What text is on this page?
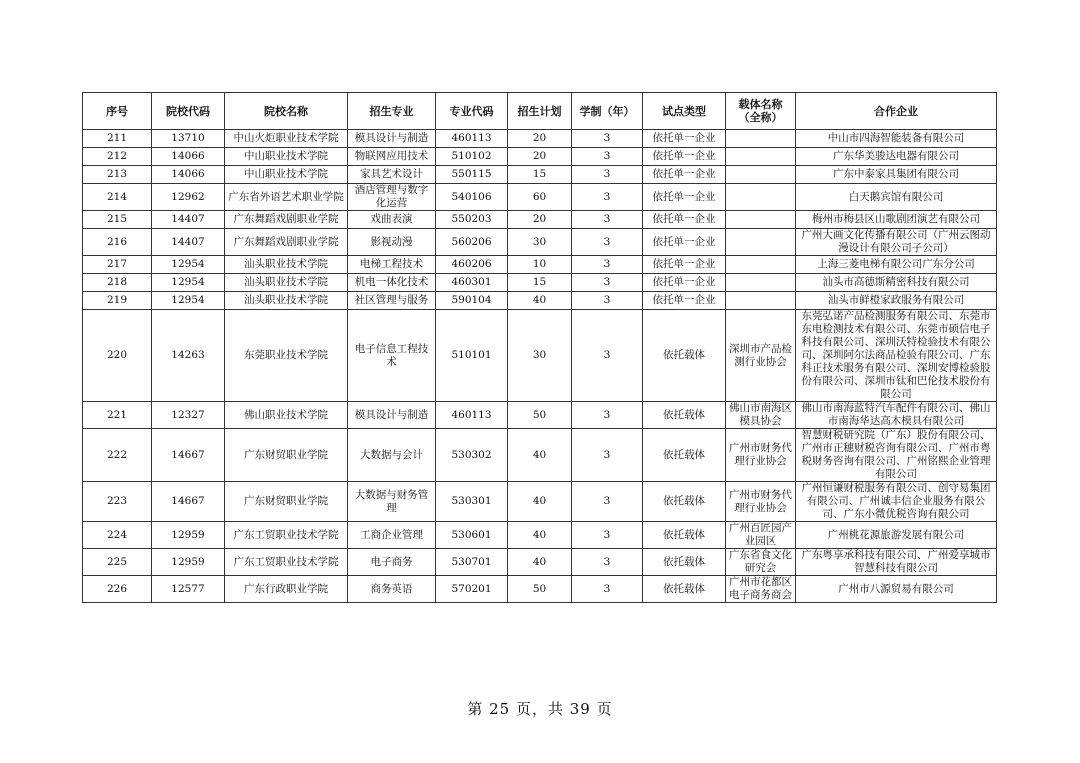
序号	院校代码	院校名称	招生专业	专业代码	招生计划	学制（年）	试点类型	载体名称（全称）	合作企业
211	13710	中山火炬职业技术学院	模具设计与制造	460113	20	3	依托单一企业		中山市四海智能装备有限公司
212	14066	中山职业技术学院	物联网应用技术	510102	20	3	依托单一企业		广东华美骏达电器有限公司
213	14066	中山职业技术学院	家具艺术设计	550115	15	3	依托单一企业		广东中泰家具集团有限公司
214	12962	广东省外语艺术职业学院	酒店管理与数字化运营	540106	60	3	依托单一企业		白天鹅宾馆有限公司
215	14407	广东舞蹈戏剧职业学院	戏曲表演	550203	20	3	依托单一企业		梅州市梅县区山歌剧团演艺有限公司
216	14407	广东舞蹈戏剧职业学院	影视动漫	560206	30	3	依托单一企业		广州大画文化传播有限公司（广州云图动漫设计有限公司子公司）
217	12954	汕头职业技术学院	电梯工程技术	460206	10	3	依托单一企业		上海三菱电梯有限公司广东分公司
218	12954	汕头职业技术学院	机电一体化技术	460301	15	3	依托单一企业		汕头市高德斯精密科技有限公司
219	12954	汕头职业技术学院	社区管理与服务	590104	40	3	依托单一企业		汕头市鲜橙家政服务有限公司
220	14263	东莞职业技术学院	电子信息工程技术	510101	30	3	依托载体	深圳市产品检测行业协会	东莞弘诺产品检测服务有限公司、东莞市东电检测技术有限公司、东莞市硕信电子科技有限公司、深圳沃特检验技术有限公司、深圳阿尔法商品检验有限公司、广东科正技术服务有限公司、深圳安博检验股份有限公司、深圳市钛和巴伦技术股份有限公司
221	12327	佛山职业技术学院	模具设计与制造	460113	50	3	依托载体	佛山市南海区模具协会	佛山市南海蓝特汽车配件有限公司、佛山市南海华达高木模具有限公司
222	14667	广东财贸职业学院	大数据与会计	530302	40	3	依托载体	广州市财务代理行业协会	智慧财税研究院（广东）股份有限公司、广州市正穗财税咨询有限公司、广州市粤税财务咨询有限公司、广州铭熙企业管理有限公司
223	14667	广东财贸职业学院	大数据与财务管理	530301	40	3	依托载体	广州市财务代理行业协会	广州恒谦财税服务有限公司、创守易集团有限公司、广州诚丰信企业服务有限公司、广东小微优税咨询有限公司
224	12959	广东工贸职业技术学院	工商企业管理	530601	40	3	依托载体	广州百匠园产业园区	广州桃花源旅游发展有限公司
225	12959	广东工贸职业技术学院	电子商务	530701	40	3	依托载体	广东省食文化研究会	广东粤享承科技有限公司、广州爱享城市智慧科技有限公司
226	12577	广东行政职业学院	商务英语	570201	50	3	依托载体	广州市花都区电子商务商会	广州市八源贸易有限公司
第 25 页，共 39 页
